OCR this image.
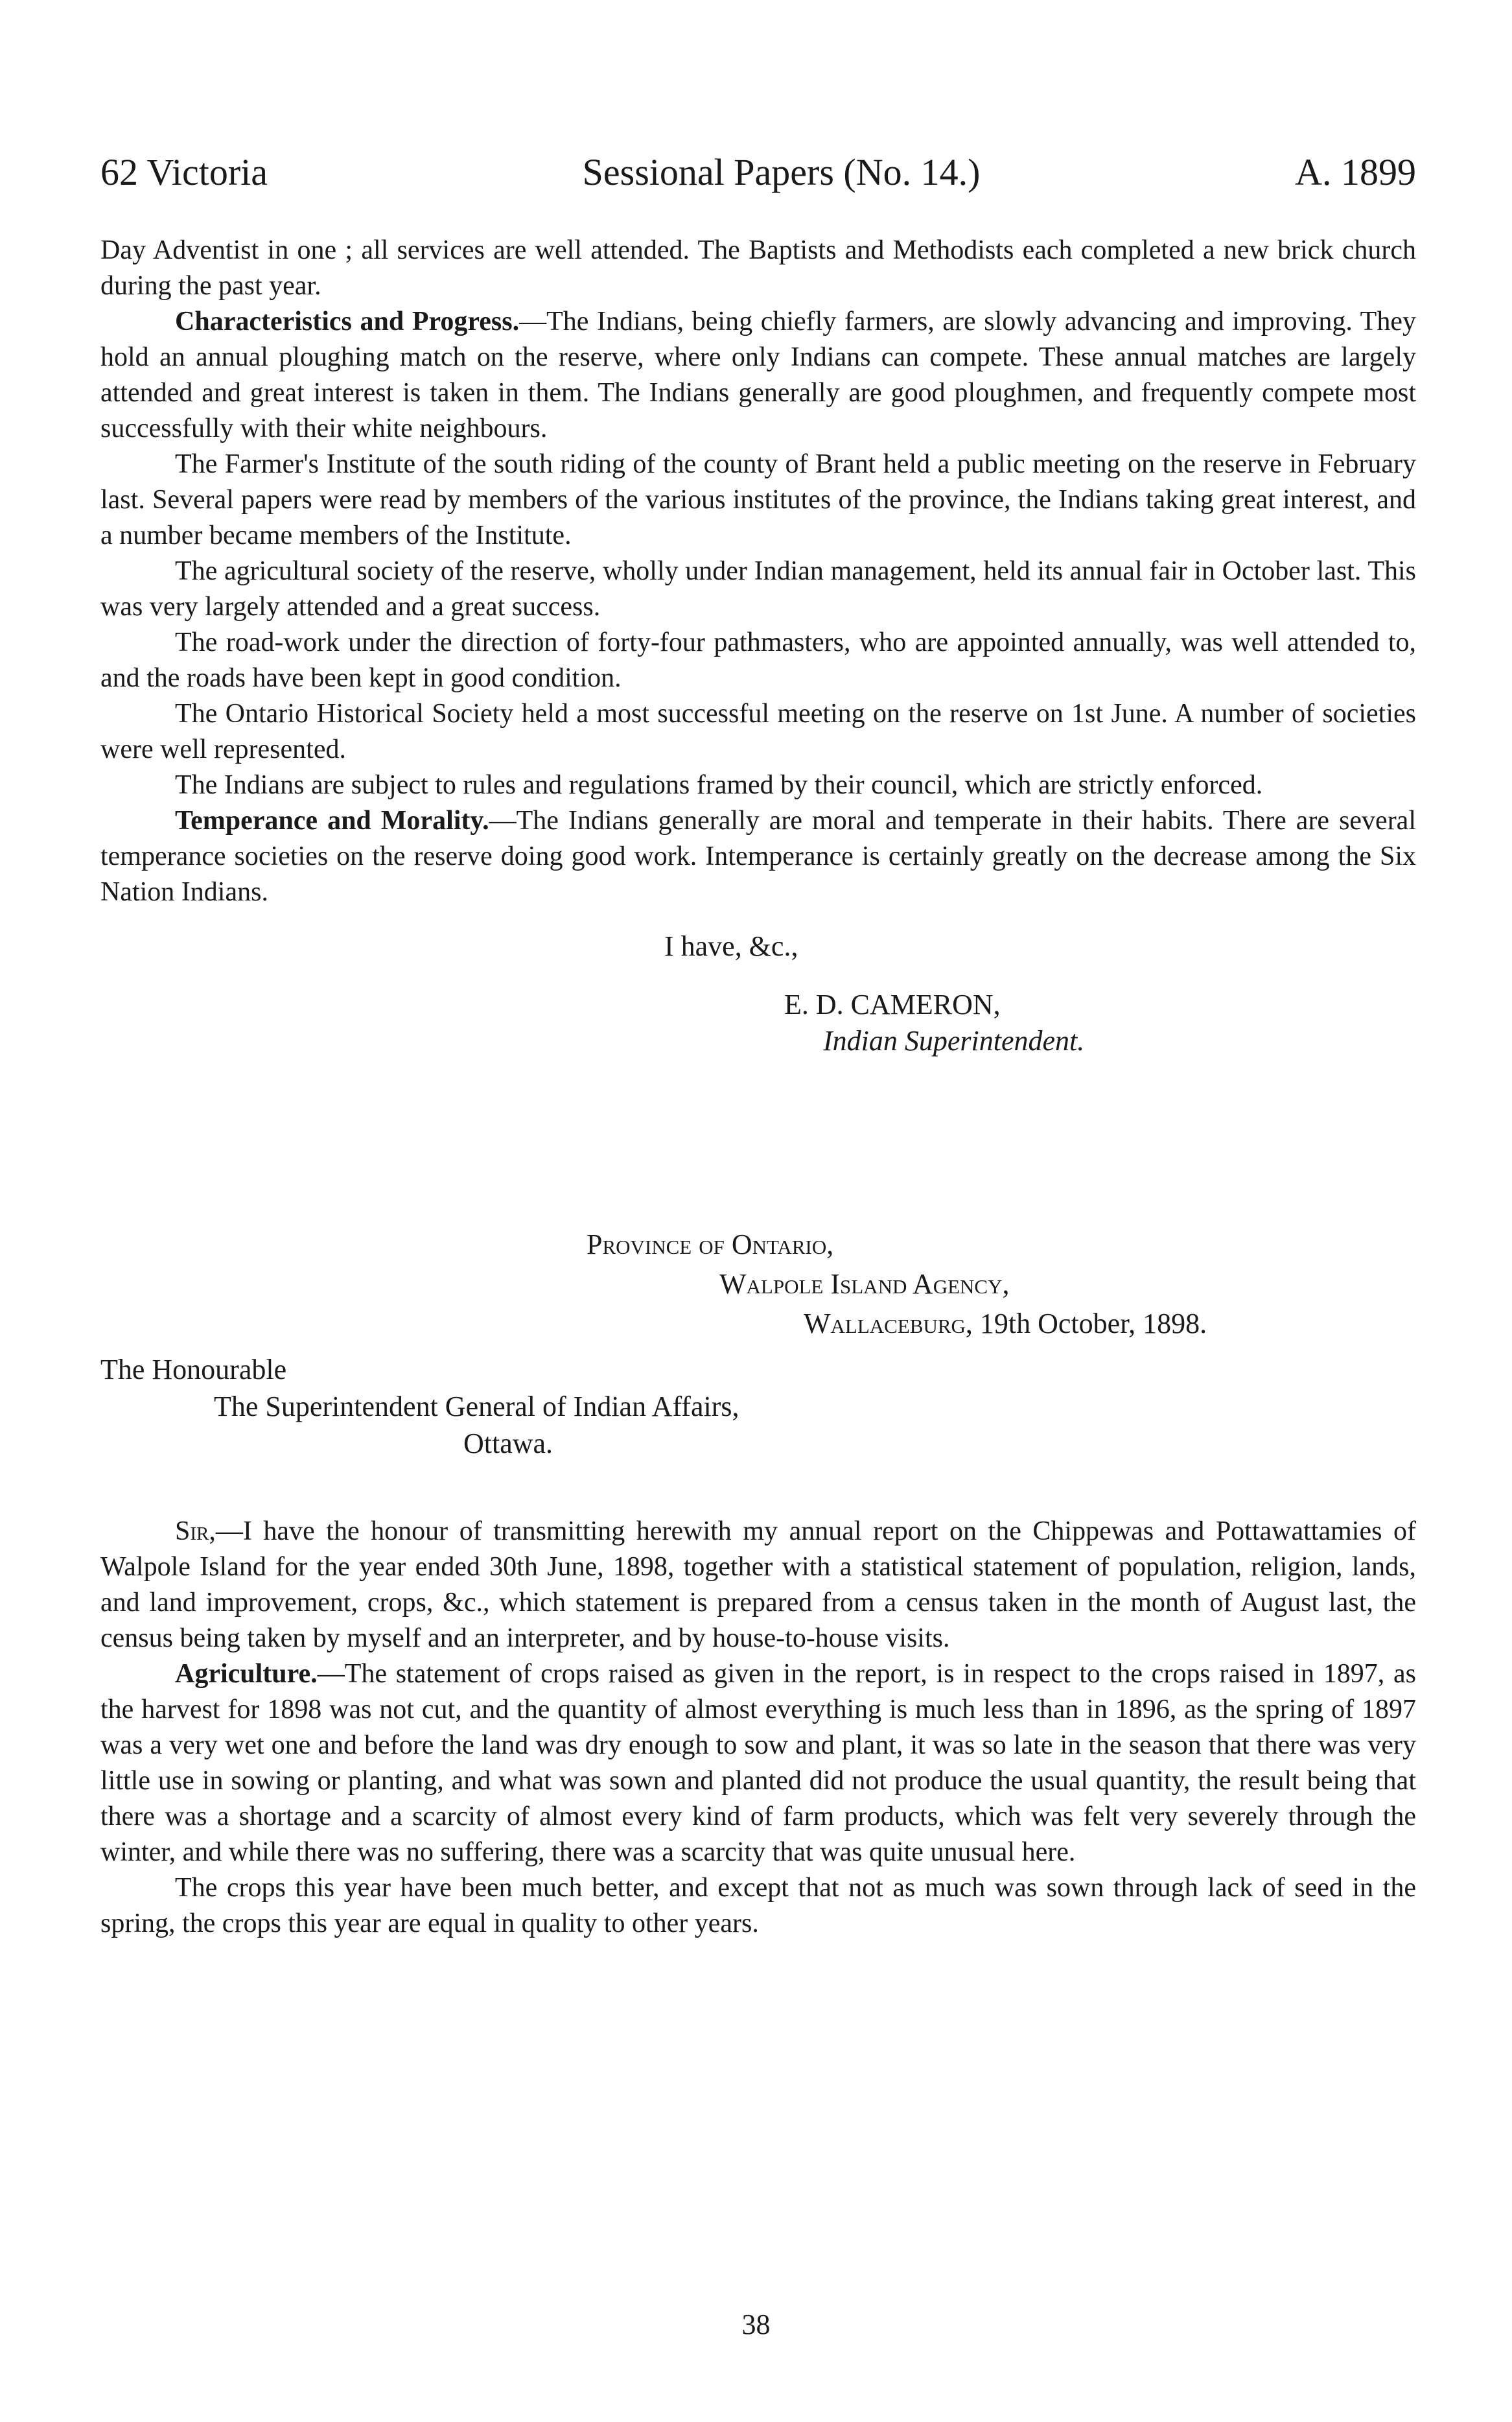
62 Victoria	Sessional Papers (No. 14.)	A. 1899

Day Adventist in one ; all services are well attended. The Baptists and Methodists each completed a new brick church during the past year.

Characteristics and Progress.—The Indians, being chiefly farmers, are slowly advancing and improving. They hold an annual ploughing match on the reserve, where only Indians can compete. These annual matches are largely attended and great interest is taken in them. The Indians generally are good ploughmen, and frequently compete most successfully with their white neighbours.

The Farmer's Institute of the south riding of the county of Brant held a public meeting on the reserve in February last. Several papers were read by members of the various institutes of the province, the Indians taking great interest, and a number became members of the Institute.

The agricultural society of the reserve, wholly under Indian management, held its annual fair in October last. This was very largely attended and a great success.

The road-work under the direction of forty-four pathmasters, who are appointed annually, was well attended to, and the roads have been kept in good condition.

The Ontario Historical Society held a most successful meeting on the reserve on 1st June. A number of societies were well represented.

The Indians are subject to rules and regulations framed by their council, which are strictly enforced.

Temperance and Morality.—The Indians generally are moral and temperate in their habits. There are several temperance societies on the reserve doing good work. Intemperance is certainly greatly on the decrease among the Six Nation Indians.

I have, &c.,
E. D. CAMERON,
Indian Superintendent.
Province of Ontario,
Walpole Island Agency,
Wallaceburg, 19th October, 1898.
The Honourable
The Superintendent General of Indian Affairs,
Ottawa.

Sir,—I have the honour of transmitting herewith my annual report on the Chippewas and Pottawattamies of Walpole Island for the year ended 30th June, 1898, together with a statistical statement of population, religion, lands, and land improvement, crops, &c., which statement is prepared from a census taken in the month of August last, the census being taken by myself and an interpreter, and by house-to-house visits.

Agriculture.—The statement of crops raised as given in the report, is in respect to the crops raised in 1897, as the harvest for 1898 was not cut, and the quantity of almost everything is much less than in 1896, as the spring of 1897 was a very wet one and before the land was dry enough to sow and plant, it was so late in the season that there was very little use in sowing or planting, and what was sown and planted did not produce the usual quantity, the result being that there was a shortage and a scarcity of almost every kind of farm products, which was felt very severely through the winter, and while there was no suffering, there was a scarcity that was quite unusual here.

The crops this year have been much better, and except that not as much was sown through lack of seed in the spring, the crops this year are equal in quality to other years.

38
